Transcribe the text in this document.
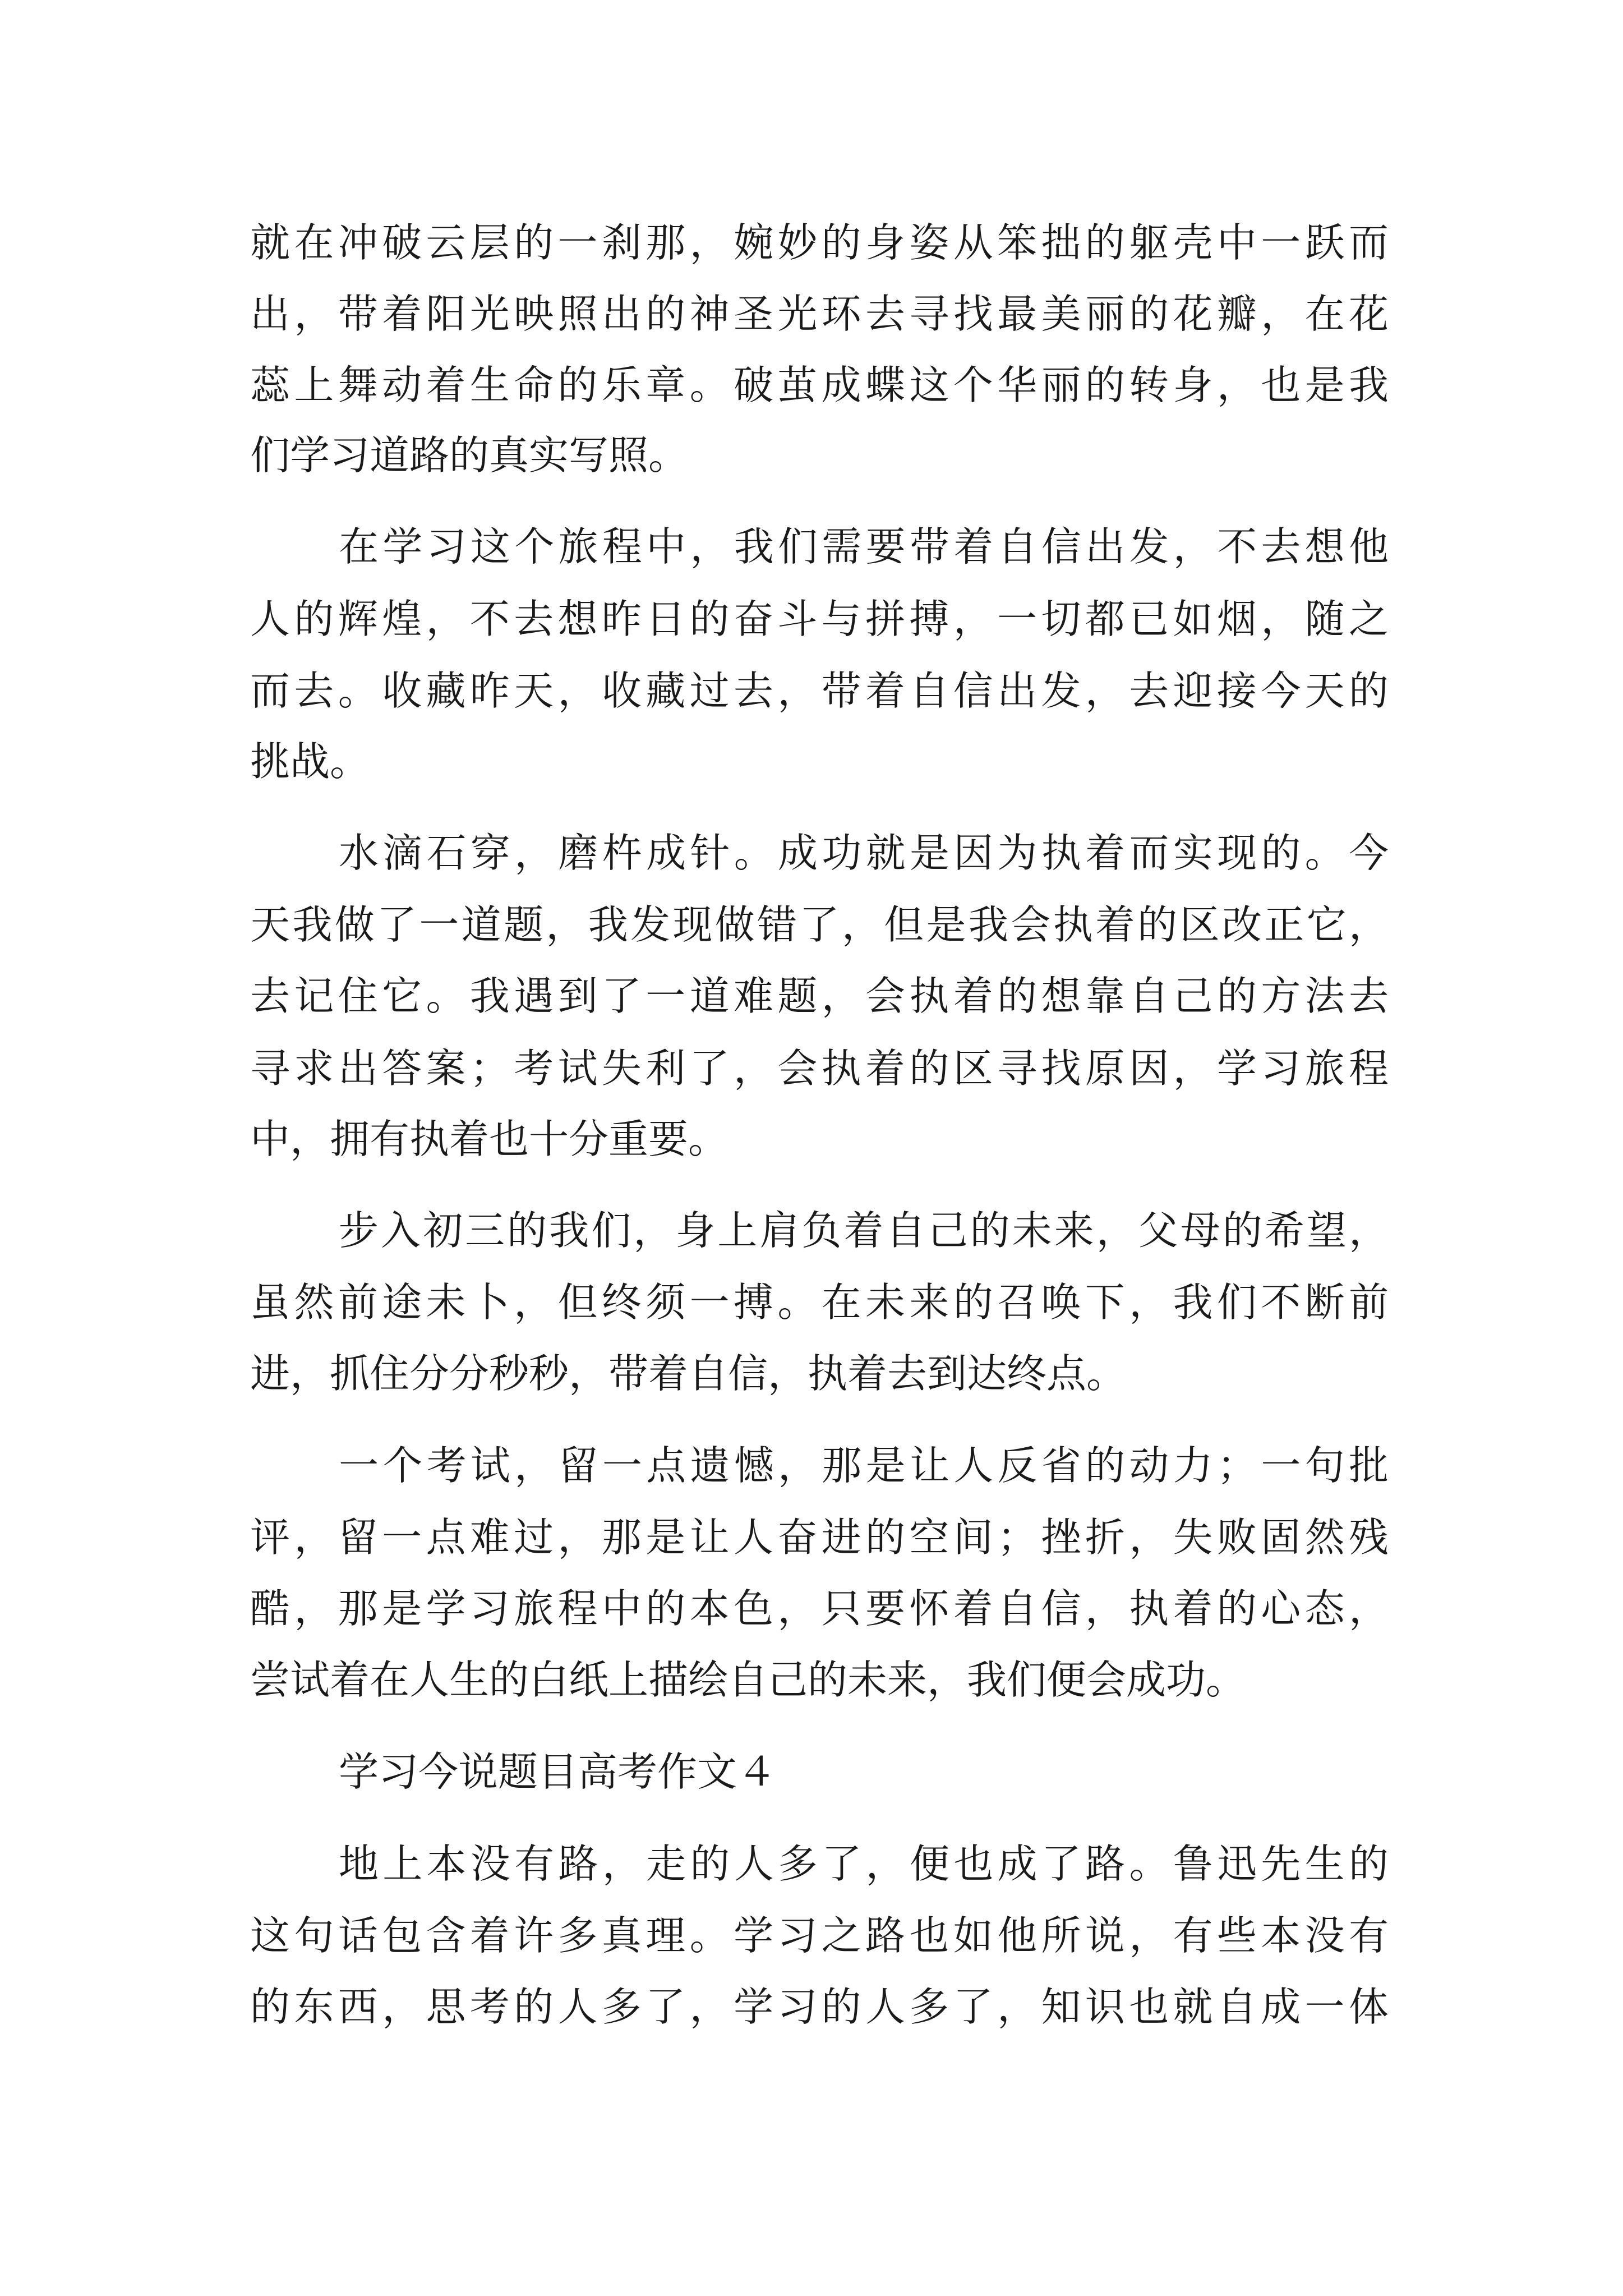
就在冲破云层的一刹那，婉妙的身姿从笨拙的躯壳中一跃而
出，带着阳光映照出的神圣光环去寻找最美丽的花瓣，在花
蕊上舞动着生命的乐章。破茧成蝶这个华丽的转身，也是我
们学习道路的真实写照。
在学习这个旅程中，我们需要带着自信出发，不去想他
人的辉煌，不去想昨日的奋斗与拼搏，一切都已如烟，随之
而去。收藏昨天，收藏过去，带着自信出发，去迎接今天的
挑战。
水滴石穿，磨杵成针。成功就是因为执着而实现的。今
天我做了一道题，我发现做错了，但是我会执着的区改正它，
去记住它。我遇到了一道难题，会执着的想靠自己的方法去
寻求出答案；考试失利了，会执着的区寻找原因，学习旅程
中，拥有执着也十分重要。
步入初三的我们，身上肩负着自己的未来，父母的希望，
虽然前途未卜，但终须一搏。在未来的召唤下，我们不断前
进，抓住分分秒秒，带着自信，执着去到达终点。
一个考试，留一点遗憾，那是让人反省的动力；一句批
评，留一点难过，那是让人奋进的空间；挫折，失败固然残
酷，那是学习旅程中的本色，只要怀着自信，执着的心态，
尝试着在人生的白纸上描绘自己的未来，我们便会成功。
学习今说题目高考作文４
地上本没有路，走的人多了，便也成了路。鲁迅先生的
这句话包含着许多真理。学习之路也如他所说，有些本没有
的东西，思考的人多了，学习的人多了，知识也就自成一体
